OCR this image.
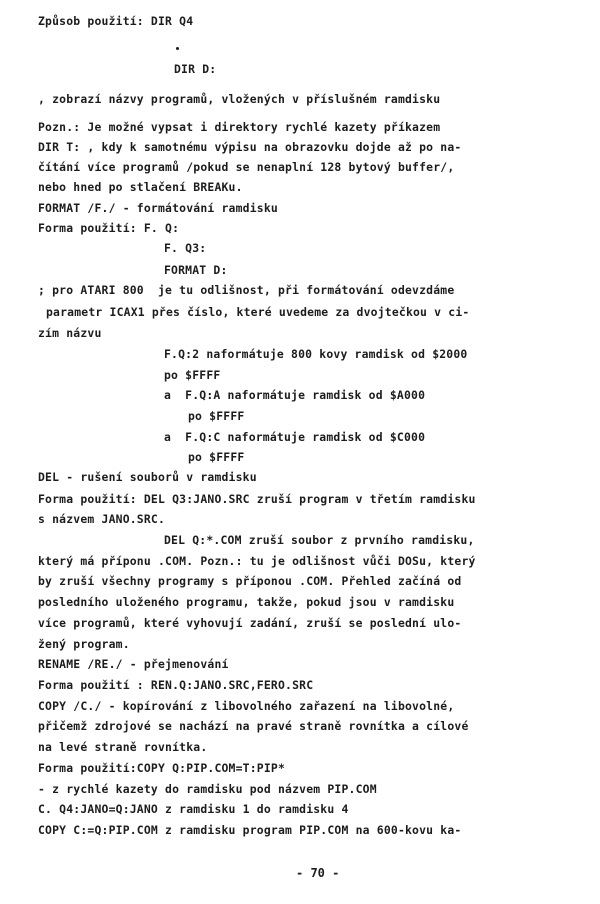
Způsob použití: DIR Q4
DIR D:
, zobrazí názvy programů, vložených v příslušném ramdisku
Pozn.: Je možné vypsat i direktory rychlé kazety příkazem
DIR T: , kdy k samotnému výpisu na obrazovku dojde až po na-
čítání více programů /pokud se nenaplní 128 bytový buffer/,
nebo hned po stlačení BREAKu.
FORMAT /F./ - formátování ramdisku
Forma použití: F. Q:
F. Q3:
FORMAT D:
; pro ATARI 800  je tu odlišnost, při formátování odevzdáme
parametr ICAX1 přes číslo, které uvedeme za dvojtečkou v ci-
zím názvu
F.Q:2 naformátuje 800 kovy ramdisk od $2000
po $FFFF
a  F.Q:A naformátuje ramdisk od $A000
po $FFFF
a  F.Q:C naformátuje ramdisk od $C000
po $FFFF
DEL - rušení souborů v ramdisku
Forma použití: DEL Q3:JANO.SRC zruší program v třetím ramdisku
s názvem JANO.SRC.
DEL Q:*.COM zruší soubor z prvního ramdisku,
který má příponu .COM. Pozn.: tu je odlišnost vůči DOSu, který
by zruší všechny programy s příponou .COM. Přehled začíná od
posledního uloženého programu, takže, pokud jsou v ramdisku
více programů, které vyhovují zadání, zruší se poslední ulo-
žený program.
RENAME /RE./ - přejmenování
Forma použití : REN.Q:JANO.SRC,FERO.SRC
COPY /C./ - kopírování z libovolného zařazení na libovolné,
přičemž zdrojové se nachází na pravé straně rovnítka a cílové
na levé straně rovnítka.
Forma použití:COPY Q:PIP.COM=T:PIP*
- z rychlé kazety do ramdisku pod názvem PIP.COM
C. Q4:JANO=Q:JANO z ramdisku 1 do ramdisku 4
COPY C:=Q:PIP.COM z ramdisku program PIP.COM na 600-kovu ka-
- 70 -
